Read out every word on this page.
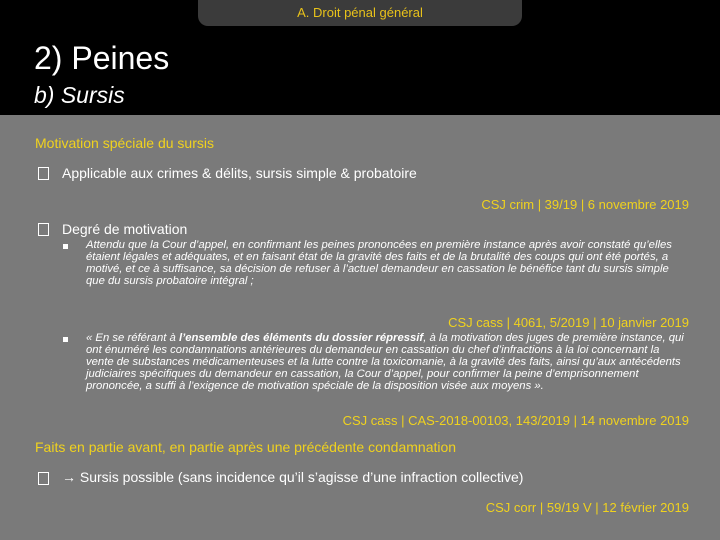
A. Droit pénal général
2) Peines
b) Sursis
Motivation spéciale du sursis
Applicable aux crimes & délits, sursis simple & probatoire
CSJ crim | 39/19 | 6 novembre 2019
Degré de motivation
Attendu que la Cour d’appel, en confirmant les peines prononcées en première instance après avoir constaté qu’elles étaient légales et adéquates, et en faisant état de la gravité des faits et de la brutalité des coups qui ont été portés, a motivé, et ce à suffisance, sa décision de refuser à l’actuel demandeur en cassation le bénéfice tant du sursis simple que du sursis probatoire intégral ;
CSJ cass | 4061, 5/2019 | 10 janvier 2019
« En se référant à l’ensemble des éléments du dossier répressif, à la motivation des juges de première instance, qui ont énuméré les condamnations antérieures du demandeur en cassation du chef d’infractions à la loi concernant la vente de substances médicamenteuses et la lutte contre la toxicomanie, à la gravité des faits, ainsi qu’aux antécédents judiciaires spécifiques du demandeur en cassation, la Cour d’appel, pour confirmer la peine d’emprisonnement prononcée, a suffi à l’exigence de motivation spéciale de la disposition visée aux moyens ».
CSJ cass | CAS-2018-00103, 143/2019 | 14 novembre 2019
Faits en partie avant, en partie après une précédente condamnation
→ Sursis possible (sans incidence qu’il s’agisse d’une infraction collective)
CSJ corr | 59/19 V | 12 février 2019
